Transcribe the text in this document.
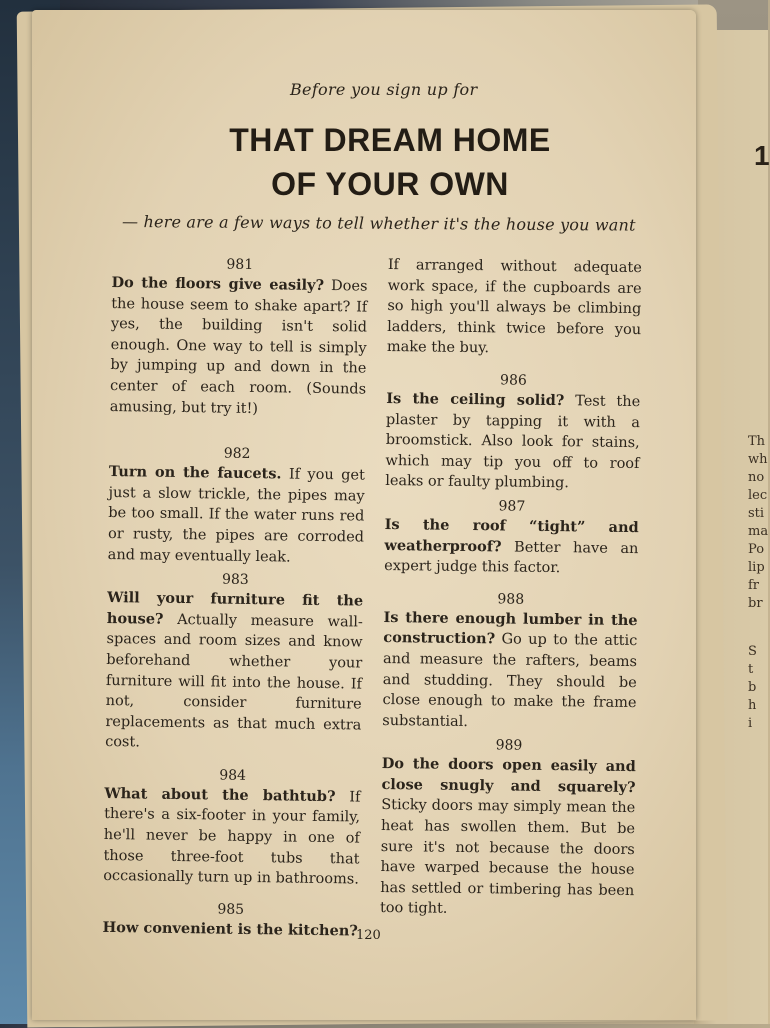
1
Th
wh
no
lec
sti
ma
Po
lip
fr
br
S
t
b
h
i
Before you sign up for
THAT DREAM HOME
OF YOUR OWN
— here are a few ways to tell whether it's the house you want
981
Do the floors give easily? Does the house seem to shake apart? If yes, the building isn't solid enough. One way to tell is simply by jumping up and down in the center of each room. (Sounds amusing, but try it!)
982
Turn on the faucets. If you get just a slow trickle, the pipes may be too small. If the water runs red or rusty, the pipes are corroded and may eventually leak.
983
Will your furniture fit the house? Actually measure wall-spaces and room sizes and know beforehand whether your furniture will fit into the house. If not, consider furniture replacements as that much extra cost.
984
What about the bathtub? If there's a six-footer in your family, he'll never be happy in one of those three-foot tubs that occasionally turn up in bathrooms.
985
How convenient is the kitchen?
If arranged without adequate work space, if the cupboards are so high you'll always be climbing ladders, think twice before you make the buy.
986
Is the ceiling solid? Test the plaster by tapping it with a broomstick. Also look for stains, which may tip you off to roof leaks or faulty plumbing.
987
Is the roof “tight” and weatherproof? Better have an expert judge this factor.
988
Is there enough lumber in the construction? Go up to the attic and measure the rafters, beams and studding. They should be close enough to make the frame substantial.
989
Do the doors open easily and close snugly and squarely? Sticky doors may simply mean the heat has swollen them. But be sure it's not because the doors have warped because the house has settled or timbering has been too tight.
120
